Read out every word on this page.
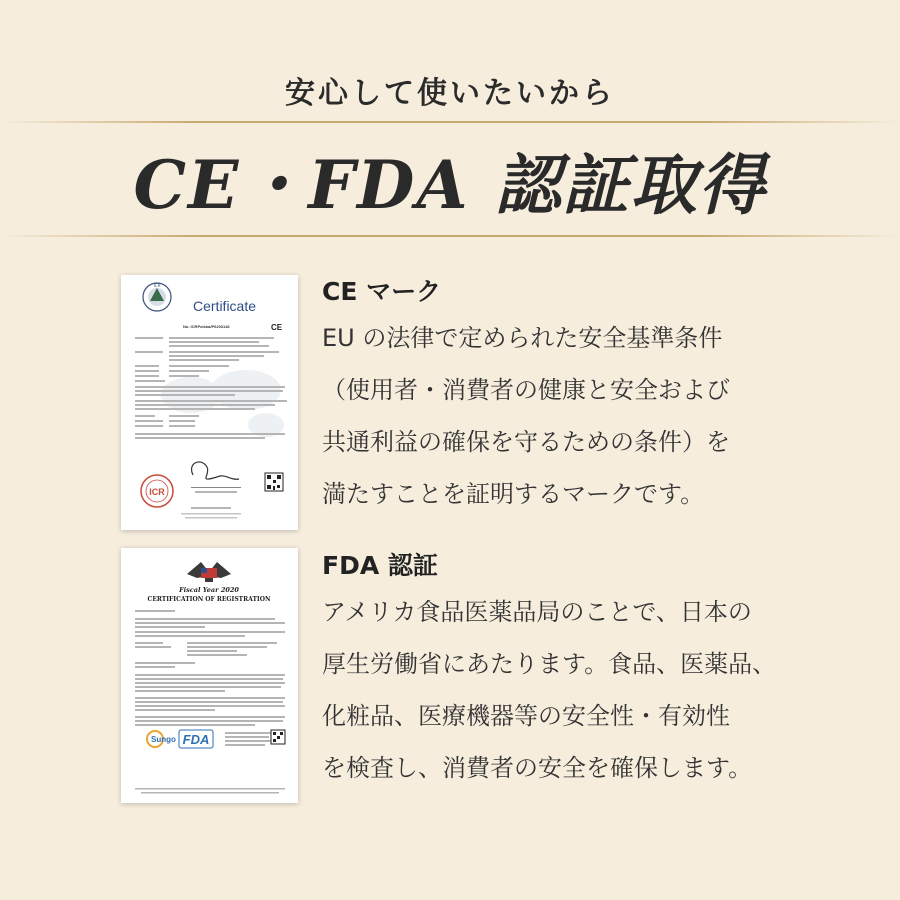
安心して使いたいから
CE・FDA 認証取得
ICR
Certificate
No. ICRPolska/P6203118	CE
ICR
CE マーク
EU の法律で定められた安全基準条件
（使用者・消費者の健康と安全および
共通利益の確保を守るための条件）を
満たすことを証明するマークです。
Fiscal Year 2020
CERTIFICATION OF REGISTRATION
Sungo FDA
FDA 認証
アメリカ食品医薬品局のことで、日本の
厚生労働省にあたります。食品、医薬品、
化粧品、医療機器等の安全性・有効性
を検査し、消費者の安全を確保します。
